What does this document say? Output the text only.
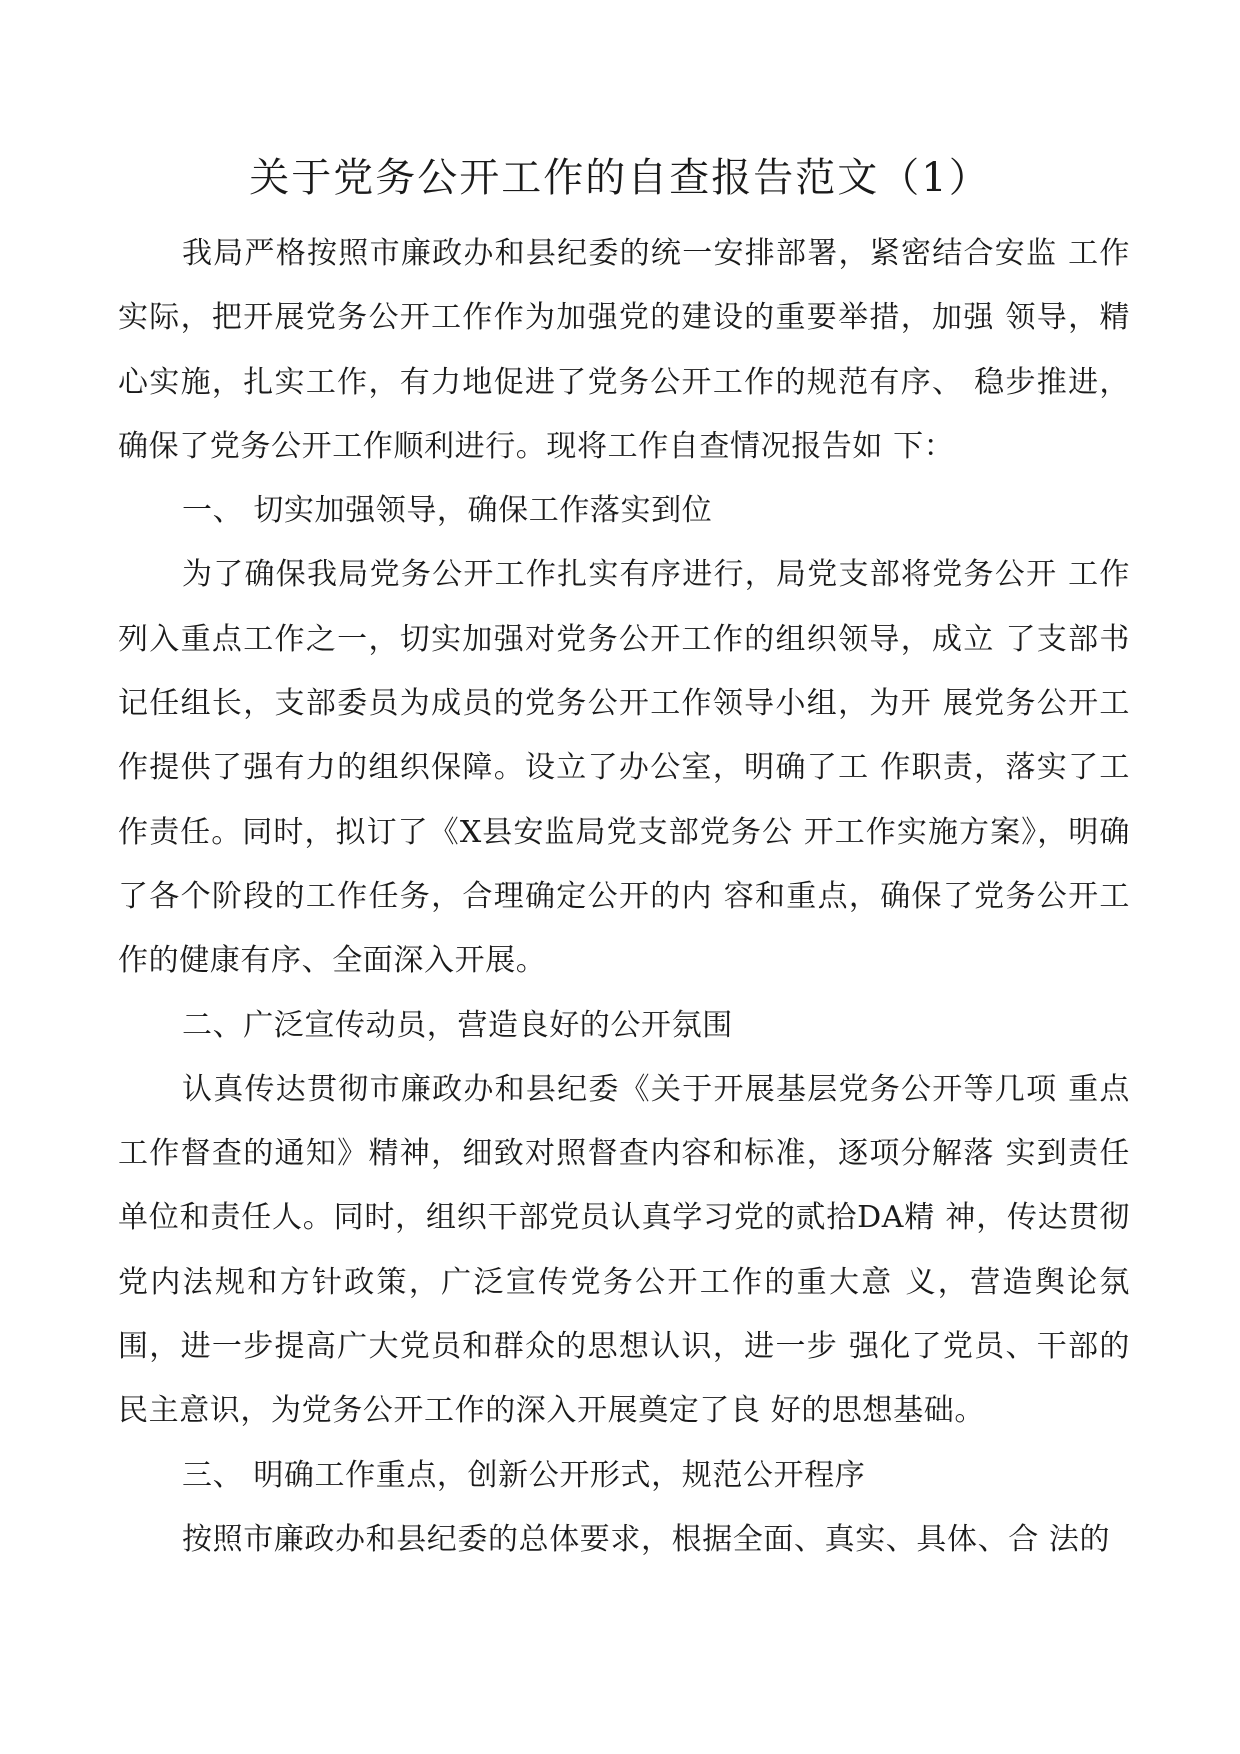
关于党务公开工作的自查报告范文（1）

我局严格按照市廉政办和县纪委的统一安排部署，紧密结合安监 工作实际，把开展党务公开工作作为加强党的建设的重要举措，加强 领导，精心实施，扎实工作，有力地促进了党务公开工作的规范有序、 稳步推进，确保了党务公开工作顺利进行。现将工作自查情况报告如 下：

一、 切实加强领导，确保工作落实到位

为了确保我局党务公开工作扎实有序进行，局党支部将党务公开 工作列入重点工作之一，切实加强对党务公开工作的组织领导，成立 了支部书记任组长，支部委员为成员的党务公开工作领导小组，为开 展党务公开工作提供了强有力的组织保障。设立了办公室，明确了工 作职责，落实了工作责任。同时，拟订了《X县安监局党支部党务公 开工作实施方案》，明确了各个阶段的工作任务，合理确定公开的内 容和重点，确保了党务公开工作的健康有序、全面深入开展。

二、广泛宣传动员，营造良好的公开氛围

认真传达贯彻市廉政办和县纪委《关于开展基层党务公开等几项 重点工作督查的通知》精神，细致对照督查内容和标准，逐项分解落 实到责任单位和责任人。同时，组织干部党员认真学习党的贰拾DA精 神，传达贯彻党内法规和方针政策，广泛宣传党务公开工作的重大意 义，营造舆论氛围，进一步提高广大党员和群众的思想认识，进一步 强化了党员、干部的民主意识，为党务公开工作的深入开展奠定了良 好的思想基础。

三、 明确工作重点，创新公开形式，规范公开程序

按照市廉政办和县纪委的总体要求，根据全面、真实、具体、合 法的
